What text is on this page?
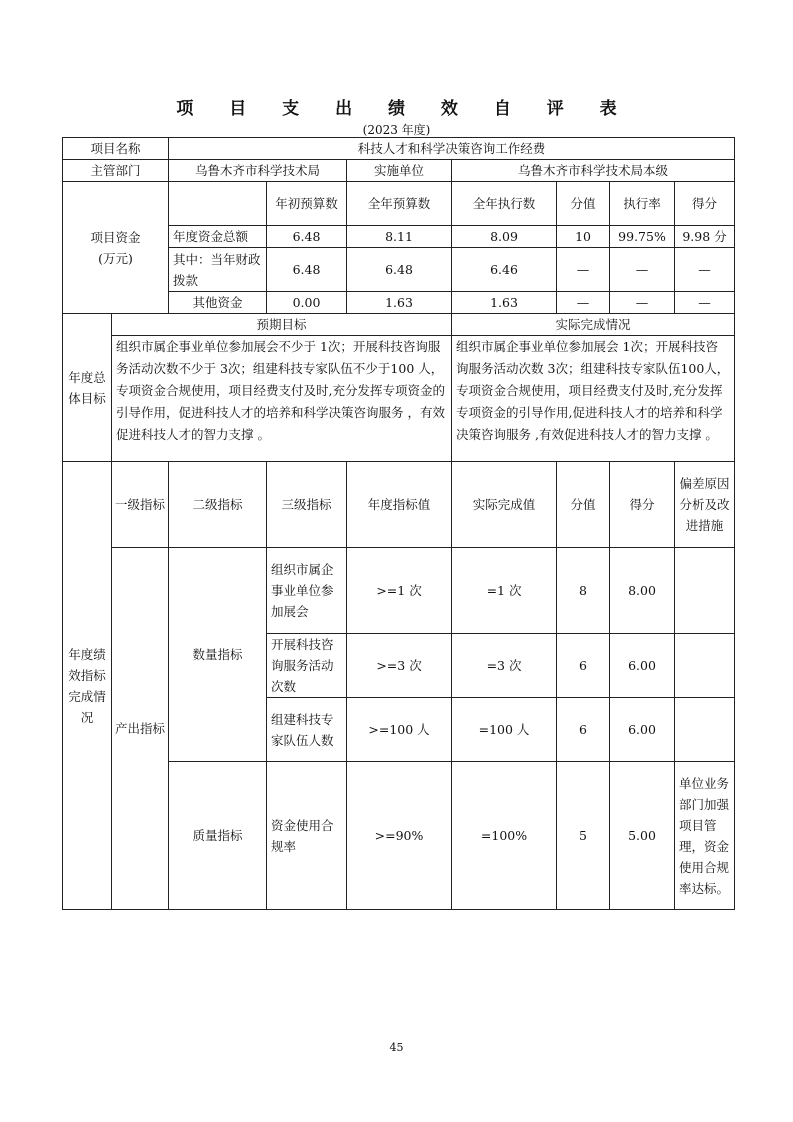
项 目 支 出 绩 效 自 评 表
(2023 年度)
项目名称		科技人才和科学决策咨询工作经费						
主管部门		乌鲁木齐市科学技术局		实施单位	乌鲁木齐市科学技术局本级			

项目资金
(万元)			年初预算数	全年预算数	全年执行数	分值	执行率	得分
		年度资金总额	6.48	8.11	8.09	10	99.75%	9.98 分
		其中：当年财政拨款	6.48	6.48	6.46	—	—	—
		其他资金	0.00	1.63	1.63	—	—	—
年度总体目标	预期目标				实际完成情况			
	组织市属企事业单位参加展会不少于 1次；开展科技咨询服务活动次数不少于 3次；组建科技专家队伍不少于100 人，专项资金合规使用，项目经费支付及时,充分发挥专项资金的引导作用，促进科技人才的培养和科学决策咨询服务 ，有效促进科技人才的智力支撑 。				组织市属企事业单位参加展会 1次；开展科技咨询服务活动次数 3次；组建科技专家队伍100人，专项资金合规使用，项目经费支付及时,充分发挥专项资金的引导作用,促进科技人才的培养和科学决策咨询服务 ,有效促进科技人才的智力支撑 。			
年度绩效指标完成情况	一级指标	二级指标	三级指标	年度指标值	实际完成值	分值	得分	偏差原因分析及改进措施
	产出指标	数量指标	组织市属企事业单位参加展会	>=1 次	=1 次	8	8.00	
			开展科技咨询服务活动次数	>=3 次	=3 次	6	6.00	
			组建科技专家队伍人数	>=100 人	=100 人	6	6.00	
		质量指标	资金使用合规率	>=90%	=100%	5	5.00	单位业务部门加强项目管理，资金使用合规率达标。
45
